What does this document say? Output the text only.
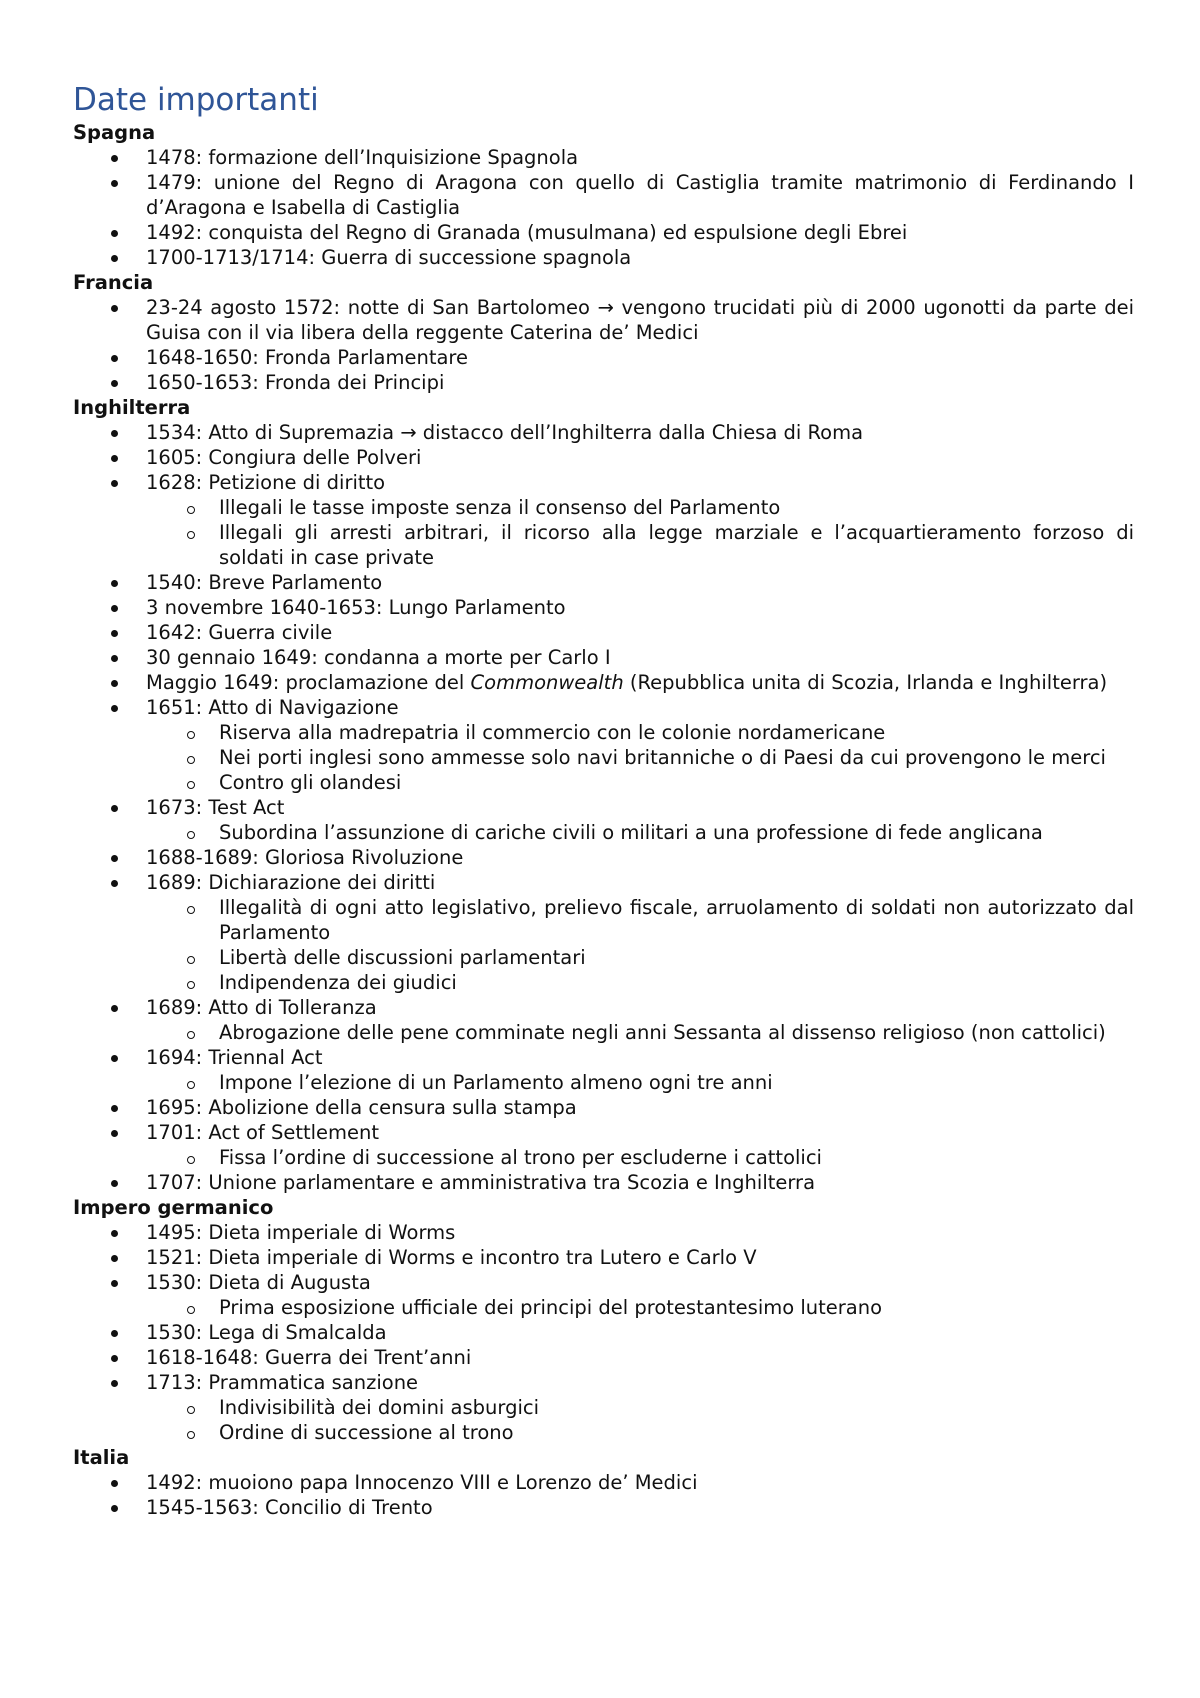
Date importanti
Spagna
1478: formazione dell’Inquisizione Spagnola
1479: unione del Regno di Aragona con quello di Castiglia tramite matrimonio di Ferdinando I d’Aragona e Isabella di Castiglia
1492: conquista del Regno di Granada (musulmana) ed espulsione degli Ebrei
1700-1713/1714: Guerra di successione spagnola
Francia
23-24 agosto 1572: notte di San Bartolomeo → vengono trucidati più di 2000 ugonotti da parte dei Guisa con il via libera della reggente Caterina de’ Medici
1648-1650: Fronda Parlamentare
1650-1653: Fronda dei Principi
Inghilterra
1534: Atto di Supremazia → distacco dell’Inghilterra dalla Chiesa di Roma
1605: Congiura delle Polveri
1628: Petizione di diritto
Illegali le tasse imposte senza il consenso del Parlamento
Illegali gli arresti arbitrari, il ricorso alla legge marziale e l’acquartieramento forzoso di soldati in case private
1540: Breve Parlamento
3 novembre 1640-1653: Lungo Parlamento
1642: Guerra civile
30 gennaio 1649: condanna a morte per Carlo I
Maggio 1649: proclamazione del Commonwealth (Repubblica unita di Scozia, Irlanda e Inghilterra)
1651: Atto di Navigazione
Riserva alla madrepatria il commercio con le colonie nordamericane
Nei porti inglesi sono ammesse solo navi britanniche o di Paesi da cui provengono le merci
Contro gli olandesi
1673: Test Act
Subordina l’assunzione di cariche civili o militari a una professione di fede anglicana
1688-1689: Gloriosa Rivoluzione
1689: Dichiarazione dei diritti
Illegalità di ogni atto legislativo, prelievo fiscale, arruolamento di soldati non autorizzato dal Parlamento
Libertà delle discussioni parlamentari
Indipendenza dei giudici
1689: Atto di Tolleranza
Abrogazione delle pene comminate negli anni Sessanta al dissenso religioso (non cattolici)
1694: Triennal Act
Impone l’elezione di un Parlamento almeno ogni tre anni
1695: Abolizione della censura sulla stampa
1701: Act of Settlement
Fissa l’ordine di successione al trono per escluderne i cattolici
1707: Unione parlamentare e amministrativa tra Scozia e Inghilterra
Impero germanico
1495: Dieta imperiale di Worms
1521: Dieta imperiale di Worms e incontro tra Lutero e Carlo V
1530: Dieta di Augusta
Prima esposizione ufficiale dei principi del protestantesimo luterano
1530: Lega di Smalcalda
1618-1648: Guerra dei Trent’anni
1713: Prammatica sanzione
Indivisibilità dei domini asburgici
Ordine di successione al trono
Italia
1492: muoiono papa Innocenzo VIII e Lorenzo de’ Medici
1545-1563: Concilio di Trento
